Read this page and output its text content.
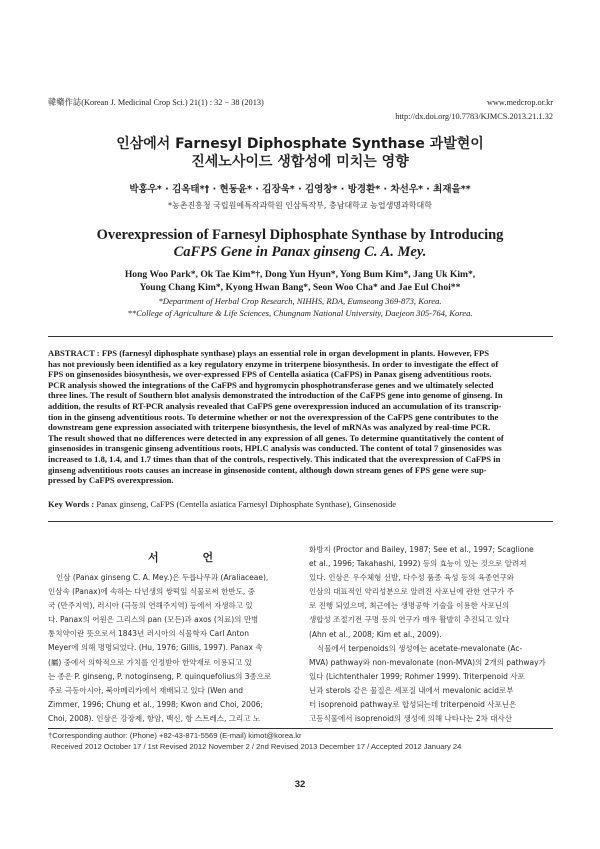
韓藥作誌(Korean J. Medicinal Crop Sci.) 21(1) : 32 − 38 (2013)	www.medcrop.or.kr
http://dx.doi.org/10.7783/KJMCS.2013.21.1.32
인삼에서 Farnesyl Diphosphate Synthase 과발현이
진세노사이드 생합성에 미치는 영향
박홍우* · 김옥태*† · 현동윤* · 김장욱* · 김영창* · 방경환* · 차선우* · 최재을**
*농촌진흥청 국립원예특작과학원 인삼특작부, 충남대학교 농업생명과학대학
Overexpression of Farnesyl Diphosphate Synthase by Introducing
CaFPS Gene in Panax ginseng C. A. Mey.
Hong Woo Park*, Ok Tae Kim*†, Dong Yun Hyun*, Yong Bum Kim*, Jang Uk Kim*,
Young Chang Kim*, Kyong Hwan Bang*, Seon Woo Cha* and Jae Eul Choi**
*Department of Herbal Crop Research, NIHHS, RDA, Eumseong 369-873, Korea.
**College of Agriculture & Life Sciences, Chungnam National University, Daejeon 305-764, Korea.
ABSTRACT : FPS (farnesyl diphosphate synthase) plays an essential role in organ development in plants. However, FPS
has not previously been identified as a key regulatory enzyme in triterpene biosynthesis. In order to investigate the effect of
FPS on ginsenosides biosynthesis, we over-expressed FPS of Centella asiatica (CaFPS) in Panax giseng adventitious roots.
PCR analysis showed the integrations of the CaFPS and hygromycin phosphotransferase genes and we ultimately selected
three lines. The result of Southern blot analysis demonstrated the introduction of the CaFPS gene into genome of ginseng. In
addition, the results of RT-PCR analysis revealed that CaFPS gene overexpression induced an accumulation of its transcrip-
tion in the ginseng adventitious roots. To determine whether or not the overexpression of the CaFPS gene contributes to the
downstream gene expression associated with triterpene biosynthesis, the level of mRNAs was analyzed by real-time PCR.
The result showed that no differences were detected in any expression of all genes. To determine quantitatively the content of
ginsenosides in transgenic ginseng adventitious roots, HPLC analysis was conducted. The content of total 7 ginsenosides was
increased to 1.8, 1.4, and 1.7 times than that of the controls, respectively. This indicated that the overexpression of CaFPS in
ginseng adventitious roots causes an increase in ginsenoside content, although down stream genes of FPS gene were sup-
pressed by CaFPS overexpression.
Key Words : Panax ginseng, CaFPS (Centella asiatica Farnesyl Diphosphate Synthase), Ginsenoside
서 언

인삼 (Panax ginseng C. A. Mey.)은 두릅나무과 (Araliaceae),

인삼속 (Panax)에 속하는 다년생의 쌍떡잎 식물로써 한반도, 중

국 (만주지역), 러시아 (극동의 연해주지역) 등에서 자생하고 있

다. Panax의 어원은 그리스의 pan (모든)과 axos (치료)의 만병

통치약이란 뜻으로서 1843년 러시아의 식물학자 Carl Anton

Meyer에 의해 명명되었다. (Hu, 1976; Gillis, 1997). Panax 속

(屬) 중에서 의학적으로 가치를 인정받아 한약재로 이용되고 있

는 종은 P. ginseng, P. notoginseng, P. quinquefolius의 3종으로

주로 극동아시아, 북아메리카에서 재배되고 있다 (Wen and

Zimmer, 1996; Chung et al., 1998; Kwon and Choi, 2006;

Choi, 2008). 인삼은 강장제, 항암, 백신, 항 스트레스, 그리고 노

화방지 (Proctor and Bailey, 1987; See et al., 1997; Scaglione

et al., 1996; Takahashi, 1992) 등의 효능이 있는 것으로 알려져

있다. 인삼은 우수체형 선발, 다수성 품종 육성 등의 육종연구와

인삼의 대표적인 약리성분으로 알려진 사포닌에 관한 연구가 주

로 진행 되었으며, 최근에는 생명공학 기술을 이용한 사포닌의

생합성 조절기전 구명 등의 연구가 매우 활발히 추진되고 있다

(Ahn et al., 2008; Kim et al., 2009).

식물에서 terpenoids의 생성에는 acetate-mevalonate (Ac-

MVA) pathway와 non-mevalonate (non-MVA)의 2개의 pathway가

있다 (Lichtenthaler 1999; Rohmer 1999). Triterpenoid 사포

닌과 sterols 같은 물질은 세포질 내에서 mevalonic acid로부

터 isoprenoid pathway로 합성되는데 triterpenoid 사포닌은

고등식물에서 isoprenoid의 생성에 의해 나타나는 2차 대사산

†Corresponding author: (Phone) +82-43-871-5569 (E-mail) kimot@korea.kr
Received 2012 October 17 / 1st Revised 2012 November 2 / 2nd Revised 2013 December 17 / Accepted 2012 January 24
32
